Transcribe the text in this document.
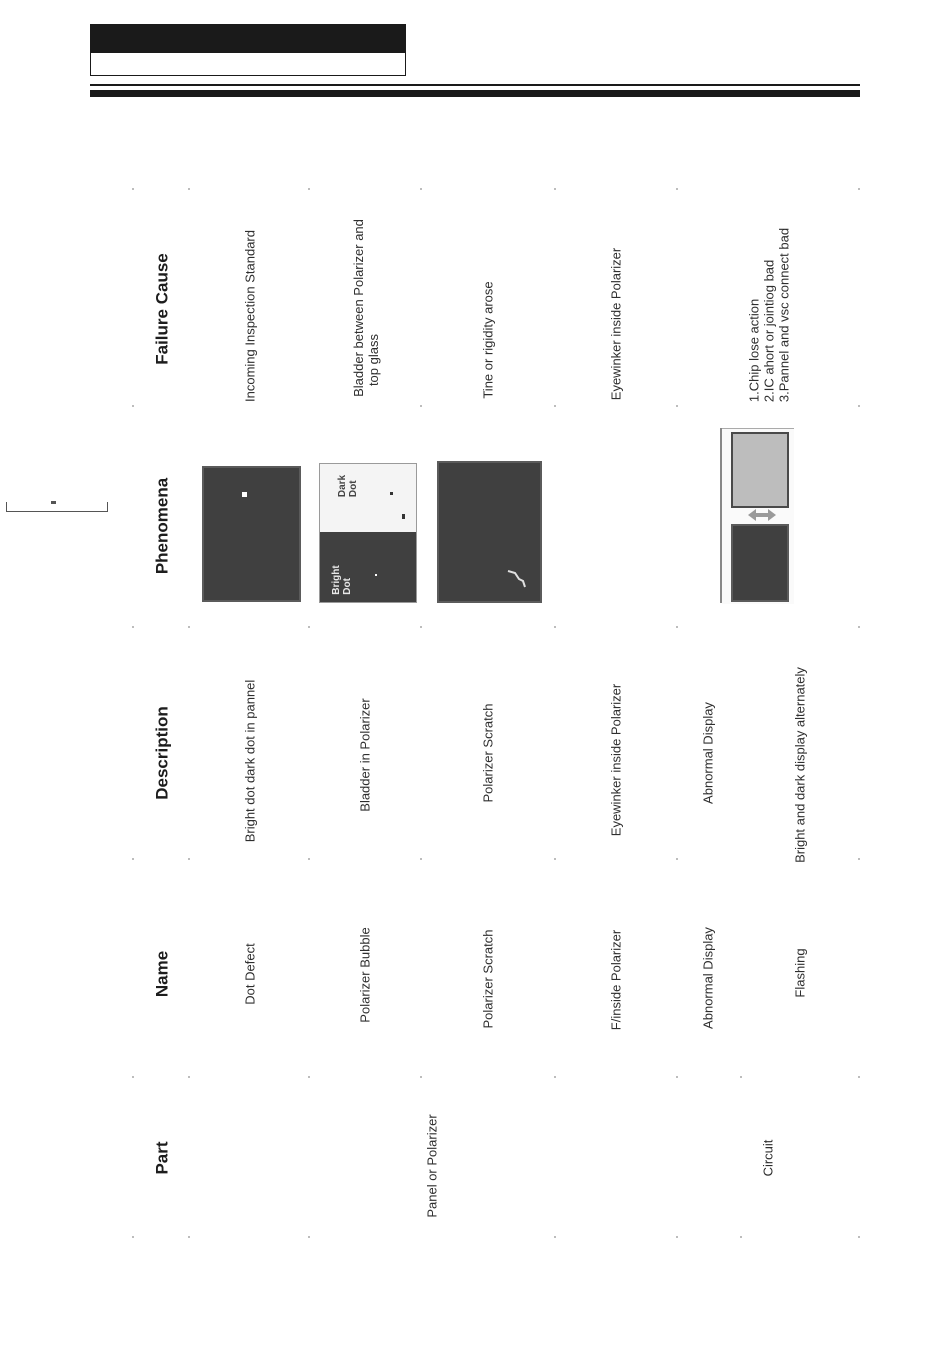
Part
Name
Description
Phenomena
Failure Cause
Panel or Polarizer	Circuit
Dot Defect
Bright dot dark dot in pannel
Incoming Inspection Standard
Polarizer Bubble
Bladder in Polarizer
Bladder between Polarizer and
top glass
Polarizer Scratch
Polarizer Scratch
Tine or rigidity arose
F/inside Polarizer
Eyewinker inside Polarizer
Eyewinker inside Polarizer
Abnormal Display
Abnormal Display
1.Chip lose action
2.IC ahort or jointiog bad
3.Pannel and vsc connect bad
Flashing
Bright and dark display alternately
Bright
Dot
Dark
Dot
